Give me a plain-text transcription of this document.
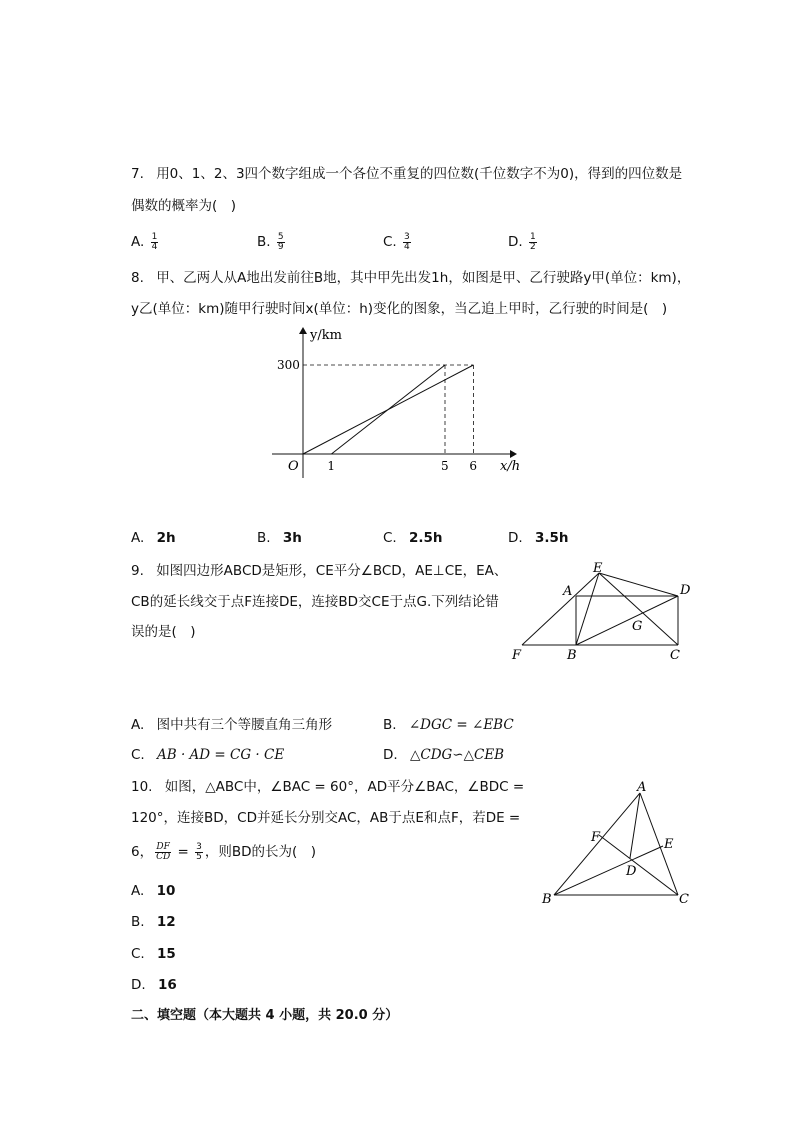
7. 用0、1、2、3四个数字组成一个各位不重复的四位数(千位数字不为0)，得到的四位数是
偶数的概率为(　)
A. $\frac{1}{4}$	B. $\frac{5}{9}$	C. $\frac{3}{4}$	D. $\frac{1}{2}$
8. 甲、乙两人从A地出发前往B地，其中甲先出发1h，如图是甲、乙行驶路y甲(单位：km)，
y乙(单位：km)随甲行驶时间x(单位：h)变化的图象，当乙追上甲时，乙行驶的时间是(　)
y/km
x/h
O
300
1	5 6
A. 2h	B. 3h	C. 2.5h	D. 3.5h
9. 如图四边形ABCD是矩形，CE平分∠BCD，AE⊥CE，EA、
CB的延长线交于点F连接DE，连接BD交CE于点G.下列结论错
误的是(　)
E
A	D
G
F	B	C
A. 图中共有三个等腰直角三角形	B. ∠DGC = ∠EBC
C. AB · AD = CG · CE	D. △CDG∽△CEB
10. 如图，△ABC中，∠BAC = 60°，AD平分∠BAC，∠BDC =
120°，连接BD，CD并延长分别交AC，AB于点E和点F，若DE =
6， $\frac{DF}{CD} = \frac{3}{5}$ ，则BD的长为(　)
A. 10
B. 12
C. 15
D. 16
A
F	E
D
B	C
二、填空题（本大题共 4 小题，共 20.0 分）
